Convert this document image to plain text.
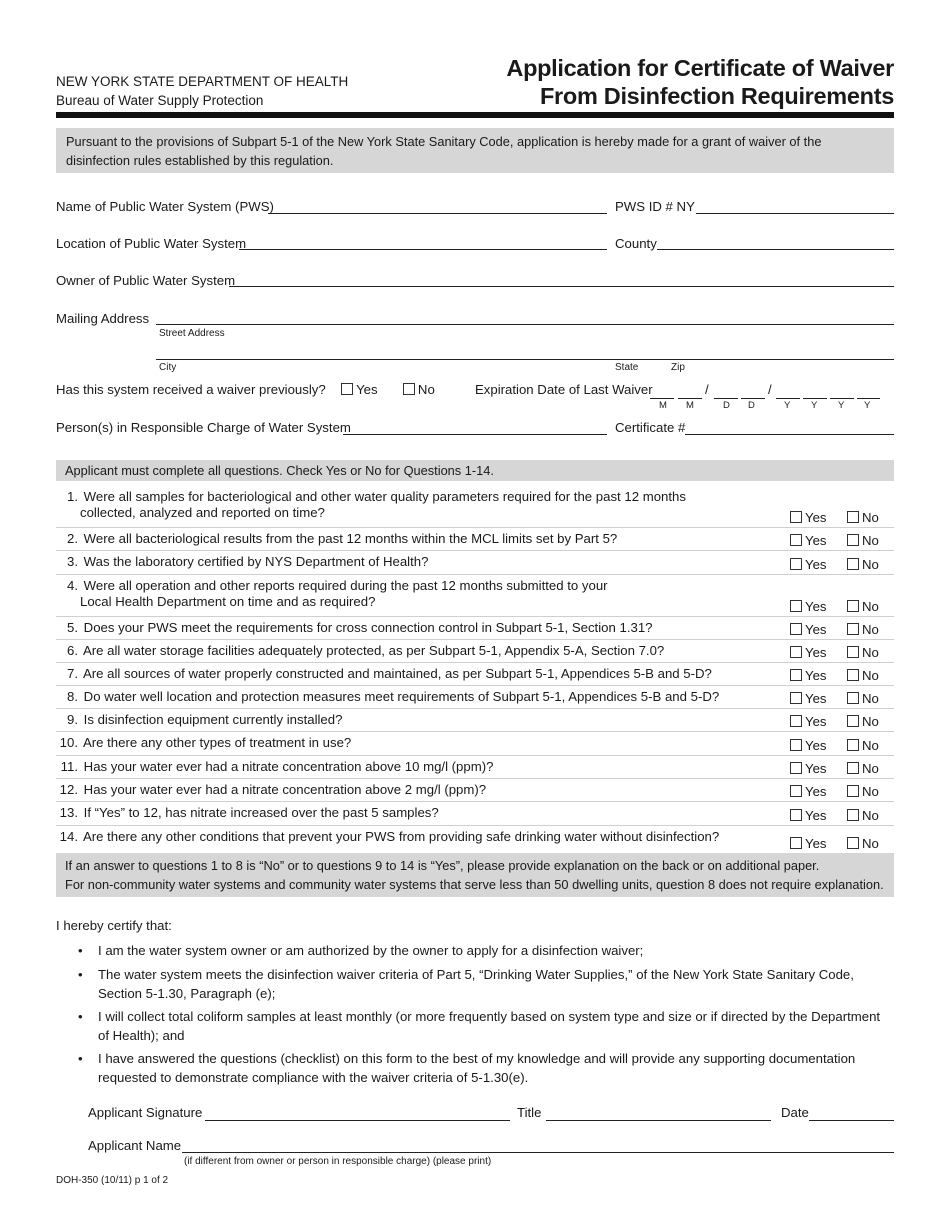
NEW YORK STATE DEPARTMENT OF HEALTH
Bureau of Water Supply Protection
Application for Certificate of Waiver
From Disinfection Requirements
Pursuant to the provisions of Subpart 5-1 of the New York State Sanitary Code, application is hereby made for a grant of waiver of the disinfection rules established by this regulation.
Name of Public Water System (PWS)	PWS ID # NY
Location of Public Water System	County
Owner of Public Water System
Mailing Address
Street Address
City	State	Zip
Has this system received a waiver previously? Yes	No	Expiration Date of Last Waiver	/	/
M M	D D	Y Y Y Y
Person(s) in Responsible Charge of Water System	Certificate #
Applicant must complete all questions. Check Yes or No for Questions 1-14.
1. Were all samples for bacteriological and other water quality parameters required for the past 12 months
collected, analyzed and reported on time?	Yes	No
2. Were all bacteriological results from the past 12 months within the MCL limits set by Part 5?	Yes	No
3. Was the laboratory certified by NYS Department of Health?	Yes	No
4. Were all operation and other reports required during the past 12 months submitted to your
Local Health Department on time and as required?	Yes	No
5. Does your PWS meet the requirements for cross connection control in Subpart 5-1, Section 1.31?	Yes	No
6. Are all water storage facilities adequately protected, as per Subpart 5-1, Appendix 5-A, Section 7.0?	Yes	No
7. Are all sources of water properly constructed and maintained, as per Subpart 5-1, Appendices 5-B and 5-D?	Yes	No
8. Do water well location and protection measures meet requirements of Subpart 5-1, Appendices 5-B and 5-D?	Yes	No
9. Is disinfection equipment currently installed?	Yes	No
10. Are there any other types of treatment in use?	Yes	No
11. Has your water ever had a nitrate concentration above 10 mg/l (ppm)?	Yes	No
12. Has your water ever had a nitrate concentration above 2 mg/l (ppm)?	Yes	No
13. If “Yes” to 12, has nitrate increased over the past 5 samples?	Yes	No
14. Are there any other conditions that prevent your PWS from providing safe drinking water without disinfection?	Yes	No
If an answer to questions 1 to 8 is “No” or to questions 9 to 14 is “Yes”, please provide explanation on the back or on additional paper.
For non-community water systems and community water systems that serve less than 50 dwelling units, question 8 does not require explanation.
I hereby certify that:
• I am the water system owner or am authorized by the owner to apply for a disinfection waiver;
• The water system meets the disinfection waiver criteria of Part 5, “Drinking Water Supplies,” of the New York State Sanitary Code, Section 5-1.30, Paragraph (e);
• I will collect total coliform samples at least monthly (or more frequently based on system type and size or if directed by the Department of Health); and
• I have answered the questions (checklist) on this form to the best of my knowledge and will provide any supporting documentation requested to demonstrate compliance with the waiver criteria of 5-1.30(e).
Applicant Signature	Title	Date
Applicant Name
(if different from owner or person in responsible charge) (please print)
DOH-350 (10/11) p 1 of 2
